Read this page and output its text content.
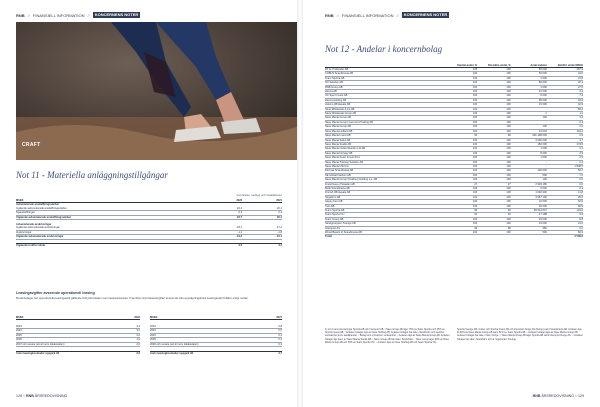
RNB // FINANSIELL INFORMATION //	KONCERNENS NOTER
CRAFT
Not 11 - Materiella anläggningstillgångar
Inventarier, verktyg och installationer
MSEK	2022	2021
Ackumulerade anskaffningsvärden		
Ingående ackumulerade anskaffningsvärden	22,4	22,1
Nyanskaffningar	0,3	0,3
Utgående ackumulerade anskaffningsvärden	22,7	22,4

Ackumulerade avskrivningar		
Ingående ackumulerade avskrivningar	-18,1	-17,4
Avskrivningar	-1,1	-1,8
Utgående ackumulerade avskrivningar	-19,2	-19,1

Utgående bokfört värde	3,5	3,4
Leasingavgifter avseende operationell leasing
Moderbolaget har operationella leasingavtal gällande förhyrda lokaler som kassaredovisas. Framtida minimileaseavgifter avseende icke-uppsägningsbara leasingavtal förfaller enligt nedan.
MSEK	2022

2023	3,4
2024	3,2
2025	3,2
2026	1,9
2027 och senare (ett år inom lokalavtalen)	2,6

Årets leasingkostnader uppgick till	3,2
MSEK	2021

2022	0,8
2023	0,5
2024	0,4
2025	0,3
2026 och senare (ett år inom lokalavtalen)	0,3

Årets leasingkostnader uppgick till	3,7
128 // RNB ÅRSREDOVISNING
RNB // FINANSIELL INFORMATION //	KONCERNENS NOTER
Not 12 - Andelar i koncernbolag
	Kapital-andel, %	Rösträtts-andel, %	Antal andelar	Bokfört värde MSEK
RT E. Profeinder AB	100	100	80 000	467,9
CUBUS Scandinavia AB	100	100	50 000	44,0
Team Sportia AB	100	100	1 000	13,8
SO Sweden AB	100	100	80 000	22,1
RNB Group AB	100	100	1 000	27,9
Hanna AB	100	100	10 000	3,4
UC Sport Invest AB	100	100	8 000	7,4
Hanna Holding AB	100	100	85 000	34,9
Jalomo Wholesale AB	100	100	15 000	42,9
Nave Wholesale & Co AB	100	100	-	83,4
Nave Wholesale Group AB	100	100	2	1,2
Nave Mania Group AB	100	100	100	3,4
Nave Mania Group Invest and Trading AB	100	100	-	0,3
Nave Mania Group AB	100	100	100	0,2
Nave Mania Holland AB	100	100	15 634	104,4
Nave Mania Invest AB	90	90	291 498 000	0,9
Nave Mania Sales AB	100	100	3 000 000	4,7
Nave Mania Studio AB	100	100	150 000	174,5
Nave Mania Outlet Sweden Ltd AB	100	100	1 000	0,1
Nave Mania Norway AB	100	100	8 000	2,9
Nave Mania Soest Invest SCA	100	100	1 000	2,9
Nave Mania Training Sweden AB	100	100	-	0,2
Nave Mania USA Inc	100	100	-	1 848,5
Paxinas Scandinavia AB	100	100	100 000	53,7
SE Global Fashion AB	100	100	500	7,0
Nave Mania Group (Outdoor) Holding a.s. AB	100	100	100	0,0
Franchises of Sweden AB	27	27	2 993 180	0,0
Butik Scandinavia AB	100	100	5 000	8,1
Finnish Wholesale AB	100	100	1 002 400	11,8
Sagaform AB	100	100	3 967 100	20,0
Happy Feet AB	100	100	10 000	62,9
Twin AB	100	100	30 000	83,9
Team Sportia AB	99	99	35 044 547	143,0
Team Sporta OÜ	94	94	47 188	9,9
Team Group AB	100	100	15 000	9,8
Sandgrouppen Sverige AB	100	100	24 000	41,2
Intersport AS	99	99	350	0,0
Wood Basics of Scandinavia AB	100	100	500	60,9
Totalt				2 509,6
1) Co-fo and orienteringar Sportia AB och Intersport AB. ² Nave Group AB äger 75% av Team Sportia och 25% av Sportia Invest AB. ³ Andelen bolaget ägs av Nave Holding AB. Andelen bolaget har säte i Stockholm och bedriver verksamhet inom detaljhandel. ⁴ Bolag som ej bedriver verksamhet. ⁵ Andelen ägs av Nave Mania Group AB. Andelen bolaget ägs även av Nave Mania Studio AB. ⁶ Nave Group AB har säte i Stockholm. ⁷ Nave Group äger 50% av Nave Mania Group AB och 50% av Team Sportia OÜ. ⁸ Andelen ägs av Nave Holding AB och Team Sportia OÜ.
Sportia Sverige AB, Cubus och Sportia Invest AB och Intersport Norge AS (Norge) samt Scandinavia AB. Andelen ägs till 49% av Nave Mania Group AB samt 51% av Team Sportia AB. ⁹ Andelen bolaget ägs av Nave Mania Group AB. Andelen bolaget har säte i Oslo, Norge. ¹⁰ Nave Mania Group AB äger Sportia AB samt Intersport Norge AS. ¹¹ Andelen bolaget har säte i Stockholm och är registrerat i Sverige.
RNB ÅRSREDOVISNING // 129
